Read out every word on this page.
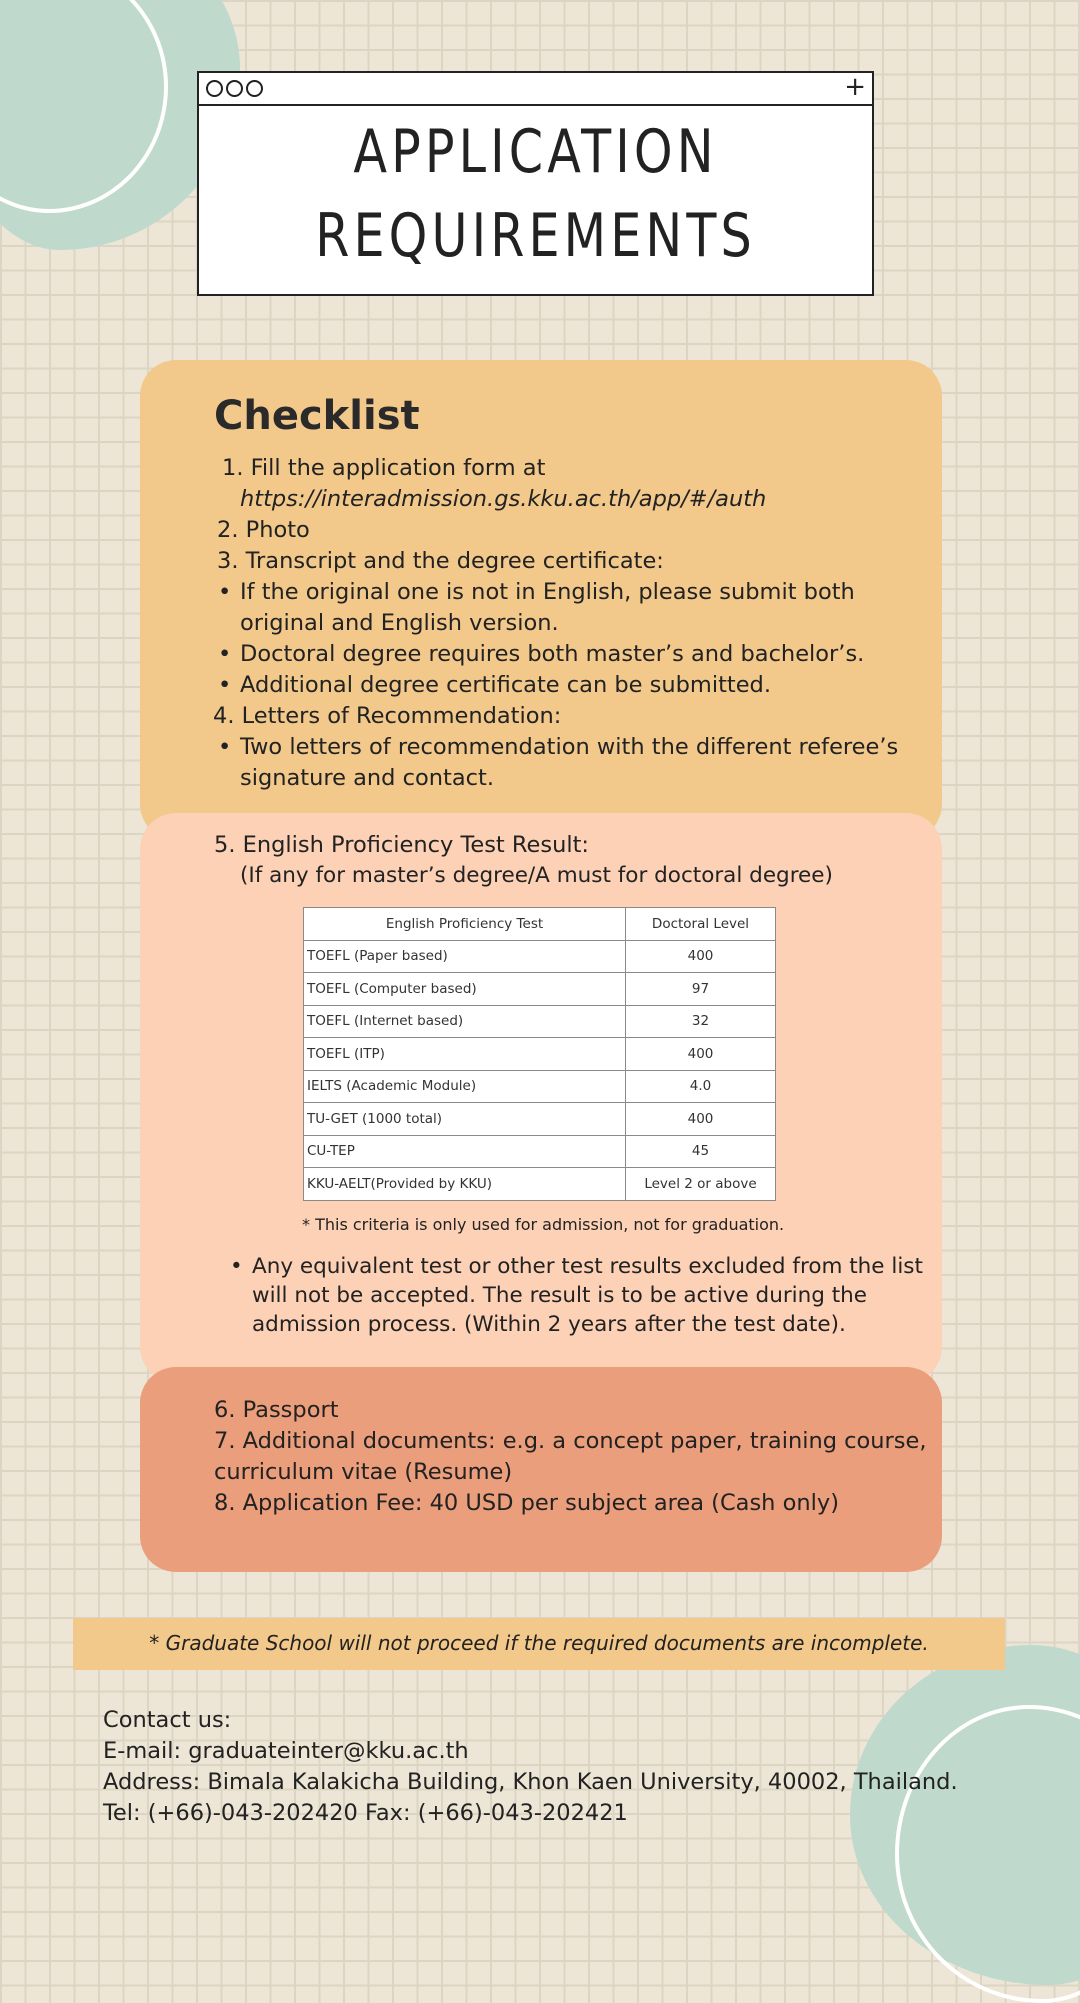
+
APPLICATION
REQUIREMENTS
Checklist
1. Fill the application form at
https://interadmission.gs.kku.ac.th/app/#/auth
2. Photo
3. Transcript and the degree certificate:
• If the original one is not in English, please submit both
original and English version.
• Doctoral degree requires both master’s and bachelor’s.
• Additional degree certificate can be submitted.
4. Letters of Recommendation:
• Two letters of recommendation with the different referee’s
signature and contact.
5. English Proficiency Test Result:
(If any for master’s degree/A must for doctoral degree)
English Proficiency Test	Doctoral Level
TOEFL (Paper based)	400
TOEFL (Computer based)	97
TOEFL (Internet based)	32
TOEFL (ITP)	400
IELTS (Academic Module)	4.0
TU-GET (1000 total)	400
CU-TEP	45
KKU-AELT(Provided by KKU)	Level 2 or above
* This criteria is only used for admission, not for graduation.
• Any equivalent test or other test results excluded from the list
will not be accepted. The result is to be active during the
admission process. (Within 2 years after the test date).
6. Passport
7. Additional documents: e.g. a concept paper, training course,
curriculum vitae (Resume)
8. Application Fee: 40 USD per subject area (Cash only)
* Graduate School will not proceed if the required documents are incomplete.
Contact us:
E-mail: graduateinter@kku.ac.th
Address: Bimala Kalakicha Building, Khon Kaen University, 40002, Thailand.
Tel: (+66)-043-202420 Fax: (+66)-043-202421
